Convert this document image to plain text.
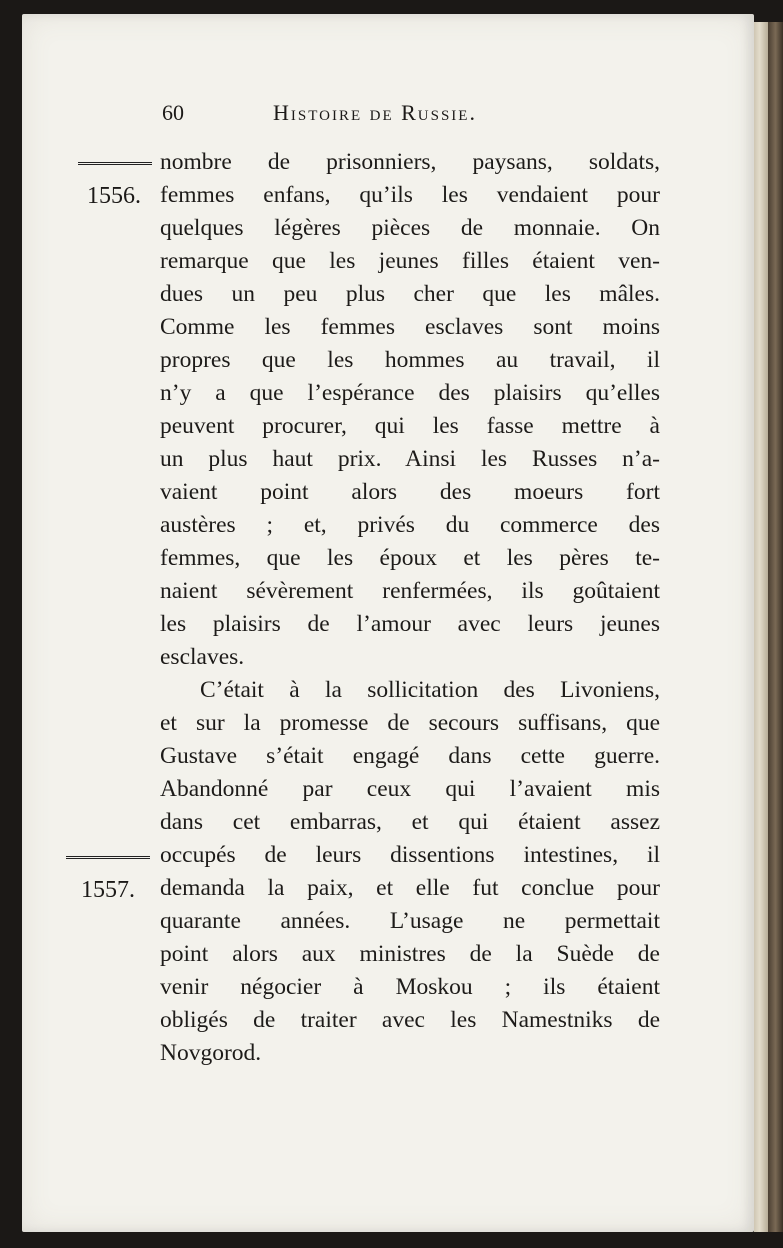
60	Histoire de Russie.
1556.
1557.
nombre de prisonniers, paysans, soldats,
femmes enfans, qu’ils les vendaient pour
quelques légères pièces de monnaie. On
remarque que les jeunes filles étaient ven-
dues un peu plus cher que les mâles.
Comme les femmes esclaves sont moins
propres que les hommes au travail, il
n’y a que l’espérance des plaisirs qu’elles
peuvent procurer, qui les fasse mettre à
un plus haut prix. Ainsi les Russes n’a-
vaient point alors des moeurs fort
austères ; et, privés du commerce des
femmes, que les époux et les pères te-
naient sévèrement renfermées, ils goûtaient
les plaisirs de l’amour avec leurs jeunes
esclaves.
C’était à la sollicitation des Livoniens,
et sur la promesse de secours suffisans, que
Gustave s’était engagé dans cette guerre.
Abandonné par ceux qui l’avaient mis
dans cet embarras, et qui étaient assez
occupés de leurs dissentions intestines, il
demanda la paix, et elle fut conclue pour
quarante années. L’usage ne permettait
point alors aux ministres de la Suède de
venir négocier à Moskou ; ils étaient
obligés de traiter avec les Namestniks de
Novgorod.
